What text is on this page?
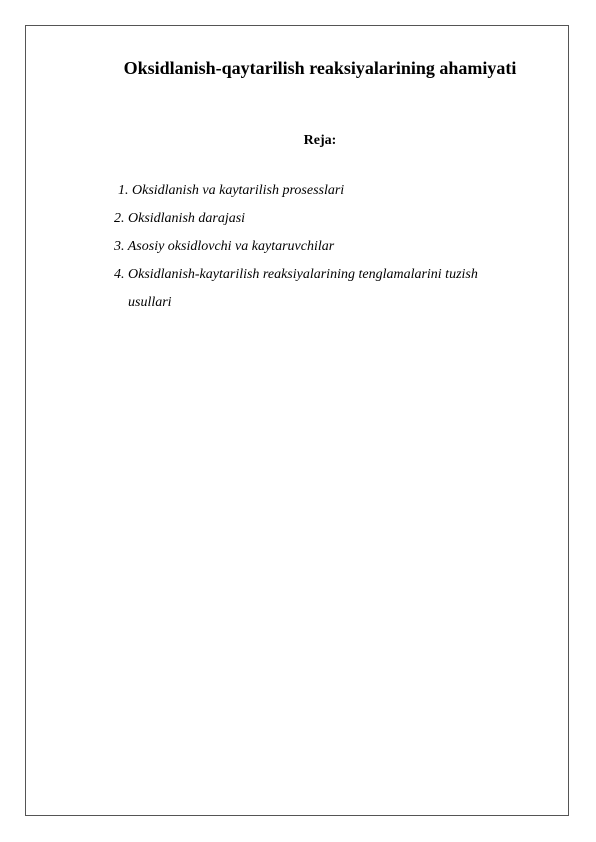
Oksidlanish-qaytarilish reaksiyalarining ahamiyati
Reja:
1. Oksidlanish va kaytarilish prosesslari
2. Oksidlanish darajasi
3. Asosiy oksidlovchi va kaytaruvchilar
4. Oksidlanish-kaytarilish reaksiyalarining tenglamalarini tuzish
usullari
